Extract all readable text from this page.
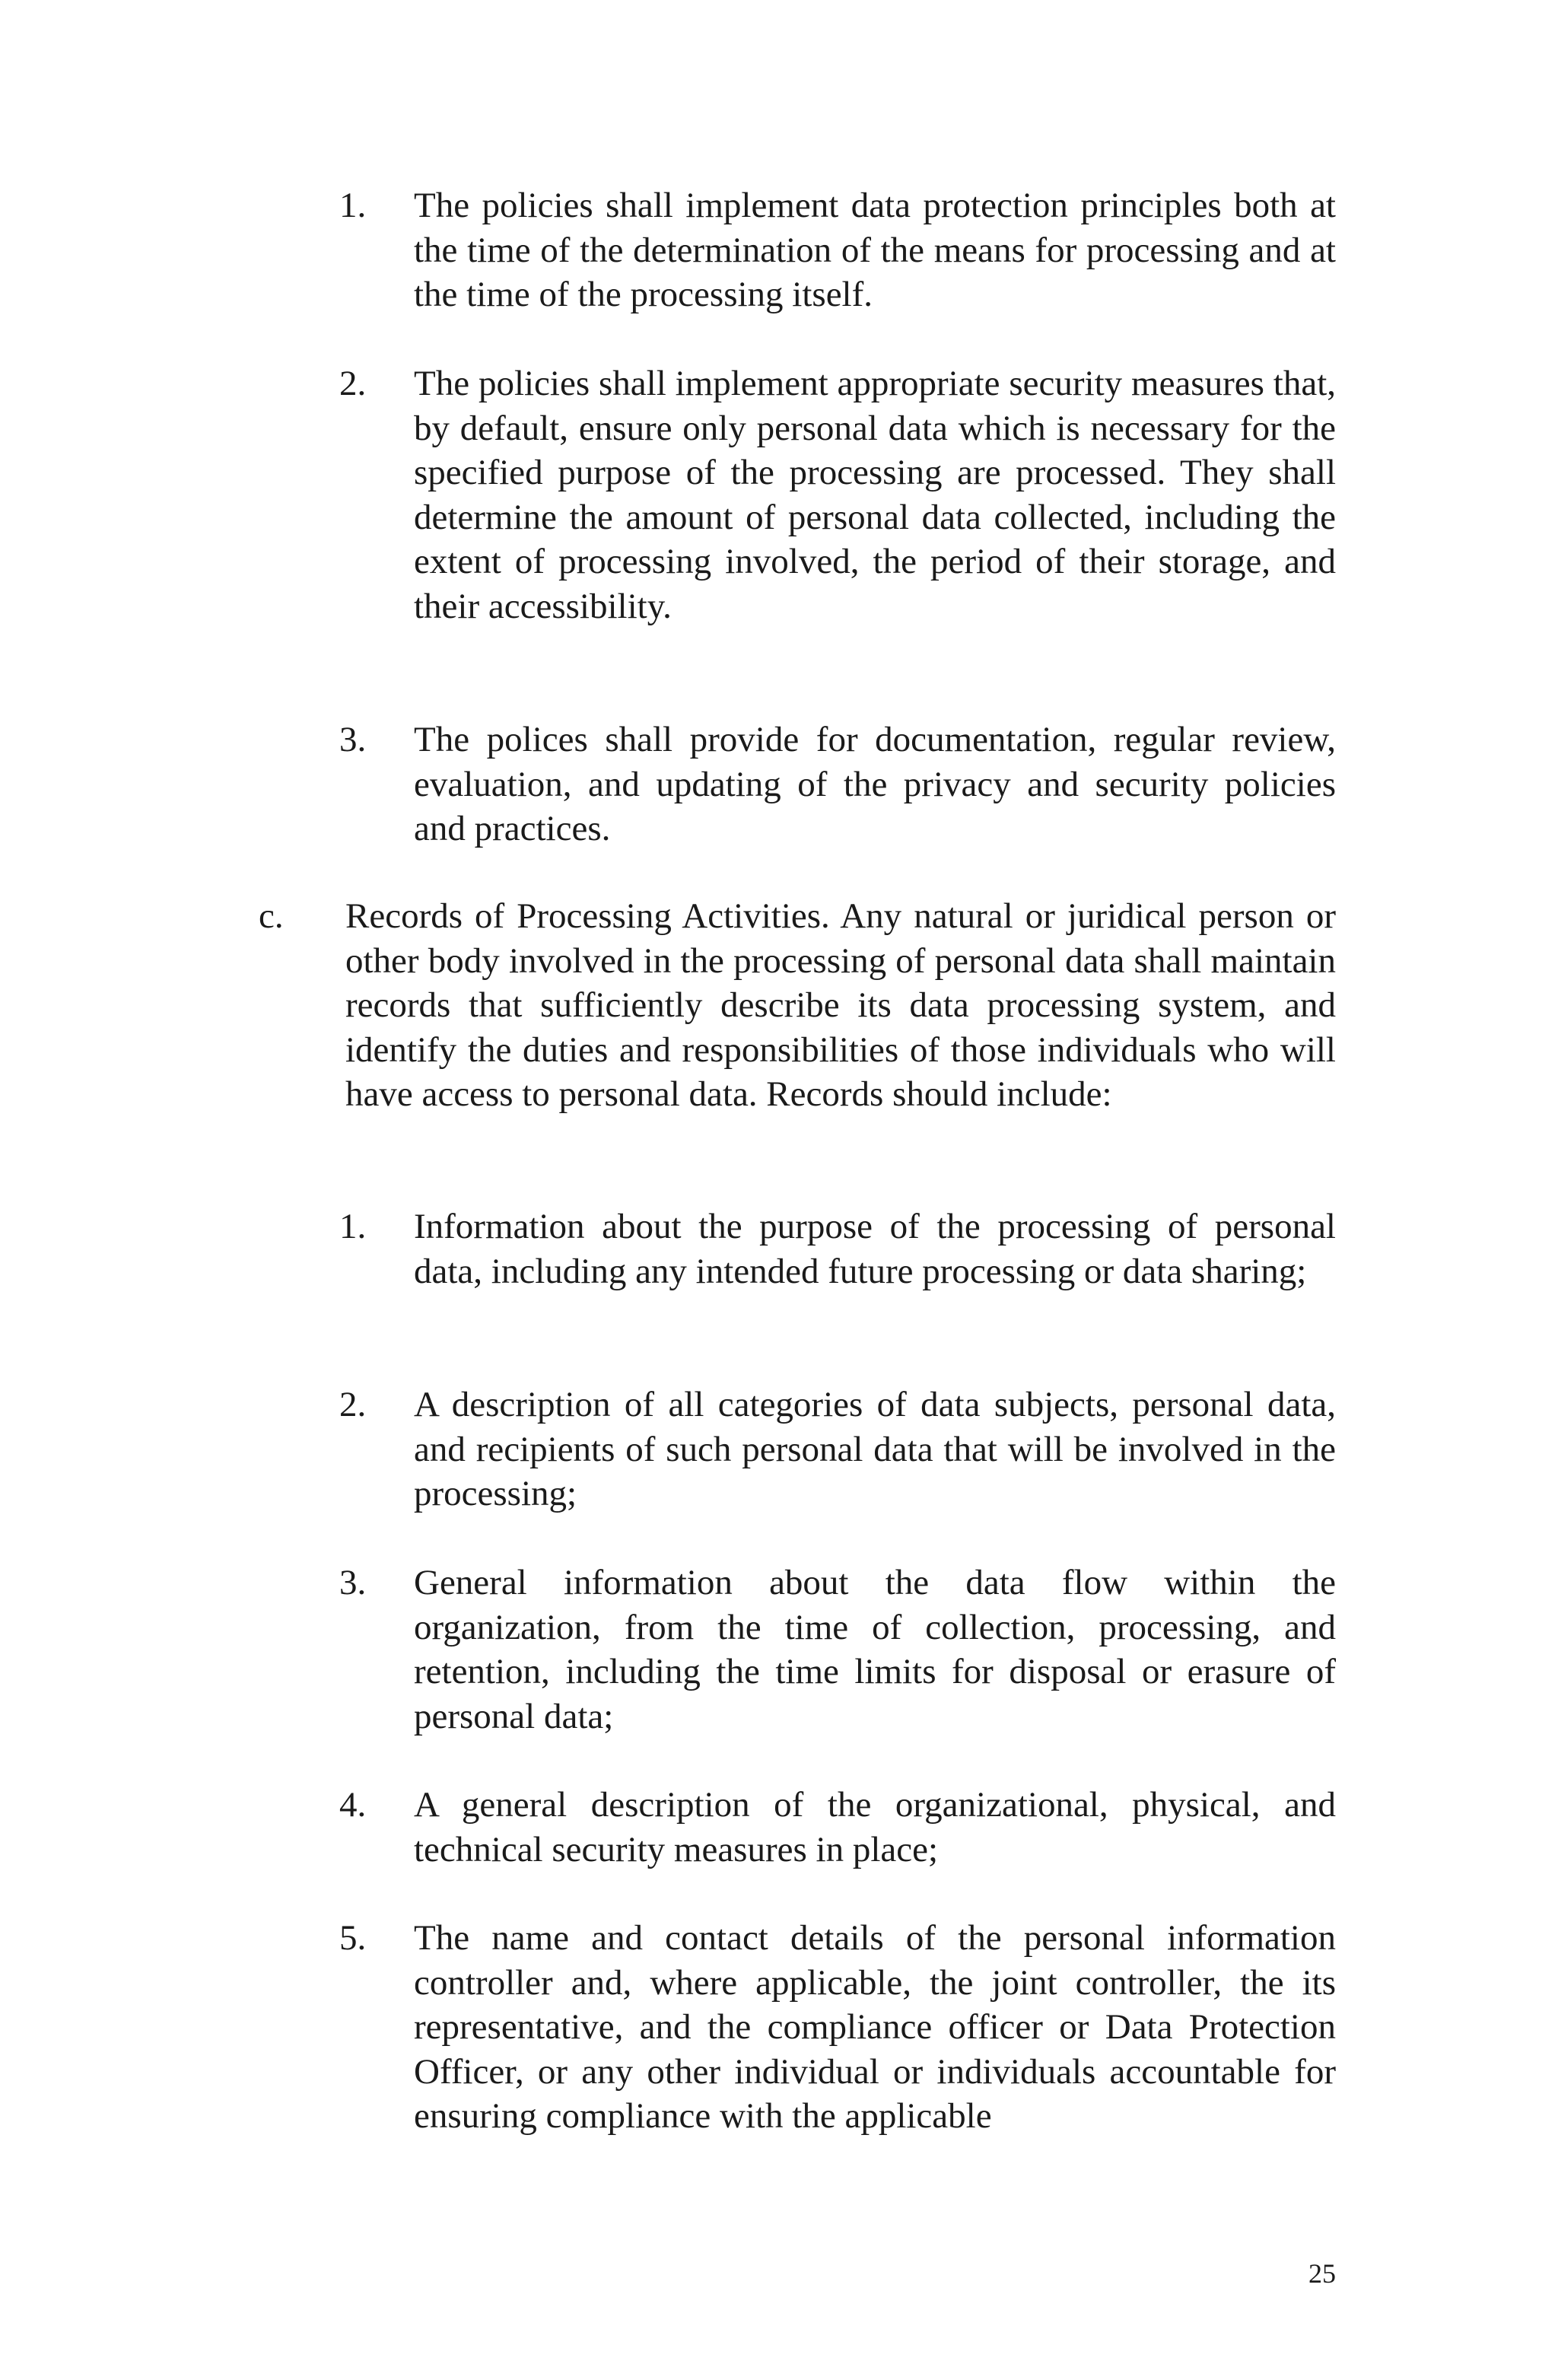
1. The policies shall implement data protection principles both at the time of the determination of the means for processing and at the time of the processing itself.
2. The policies shall implement appropriate security measures that, by default, ensure only personal data which is necessary for the specified purpose of the processing are processed. They shall determine the amount of personal data collected, including the extent of processing involved, the period of their storage, and their accessibility.
3. The polices shall provide for documentation, regular review, evaluation, and updating of the privacy and security policies and practices.
c. Records of Processing Activities. Any natural or juridical person or other body involved in the processing of personal data shall maintain records that sufficiently describe its data processing system, and identify the duties and responsibilities of those individuals who will have access to personal data. Records should include:
1. Information about the purpose of the processing of personal data, including any intended future processing or data sharing;
2. A description of all categories of data subjects, personal data, and recipients of such personal data that will be involved in the processing;
3. General information about the data flow within the organization, from the time of collection, processing, and retention, including the time limits for disposal or erasure of personal data;
4. A general description of the organizational, physical, and technical security measures in place;
5. The name and contact details of the personal information controller and, where applicable, the joint controller, the its representative, and the compliance officer or Data Protection Officer, or any other individual or individuals accountable for ensuring compliance with the applicable
25
